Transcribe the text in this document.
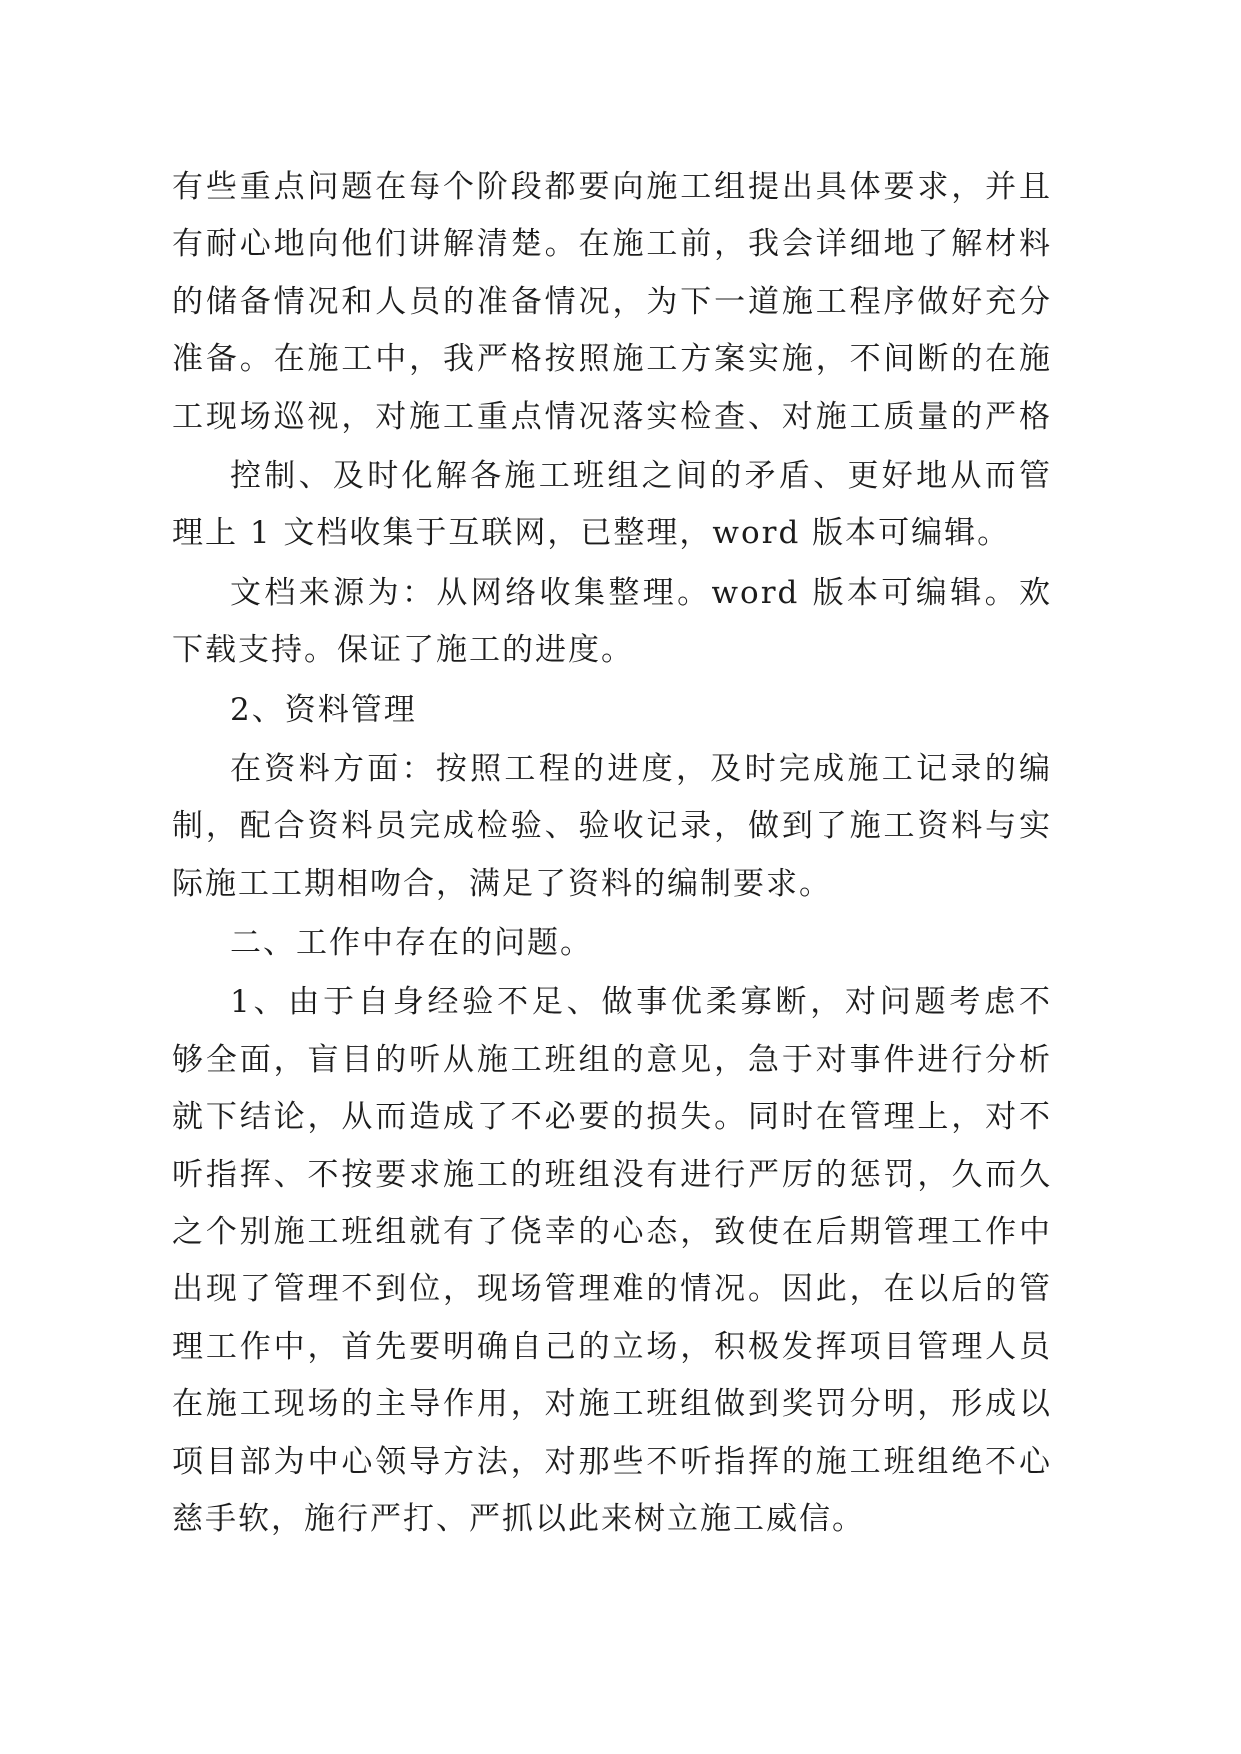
有些重点问题在每个阶段都要向施工组提出具体要求，并且
有耐心地向他们讲解清楚。在施工前，我会详细地了解材料
的储备情况和人员的准备情况，为下一道施工程序做好充分
准备。在施工中，我严格按照施工方案实施，不间断的在施
工现场巡视，对施工重点情况落实检查、对施工质量的严格
控制、及时化解各施工班组之间的矛盾、更好地从而管
理上 1 文档收集于互联网，已整理，word 版本可编辑。
文档来源为：从网络收集整理。word 版本可编辑。欢
下载支持。保证了施工的进度。
2、资料管理
在资料方面：按照工程的进度，及时完成施工记录的编
制，配合资料员完成检验、验收记录，做到了施工资料与实
际施工工期相吻合，满足了资料的编制要求。
二、工作中存在的问题。
1、由于自身经验不足、做事优柔寡断，对问题考虑不
够全面，盲目的听从施工班组的意见，急于对事件进行分析
就下结论，从而造成了不必要的损失。同时在管理上，对不
听指挥、不按要求施工的班组没有进行严厉的惩罚，久而久
之个别施工班组就有了侥幸的心态，致使在后期管理工作中
出现了管理不到位，现场管理难的情况。因此，在以后的管
理工作中，首先要明确自己的立场，积极发挥项目管理人员
在施工现场的主导作用，对施工班组做到奖罚分明，形成以
项目部为中心领导方法，对那些不听指挥的施工班组绝不心
慈手软，施行严打、严抓以此来树立施工威信。
